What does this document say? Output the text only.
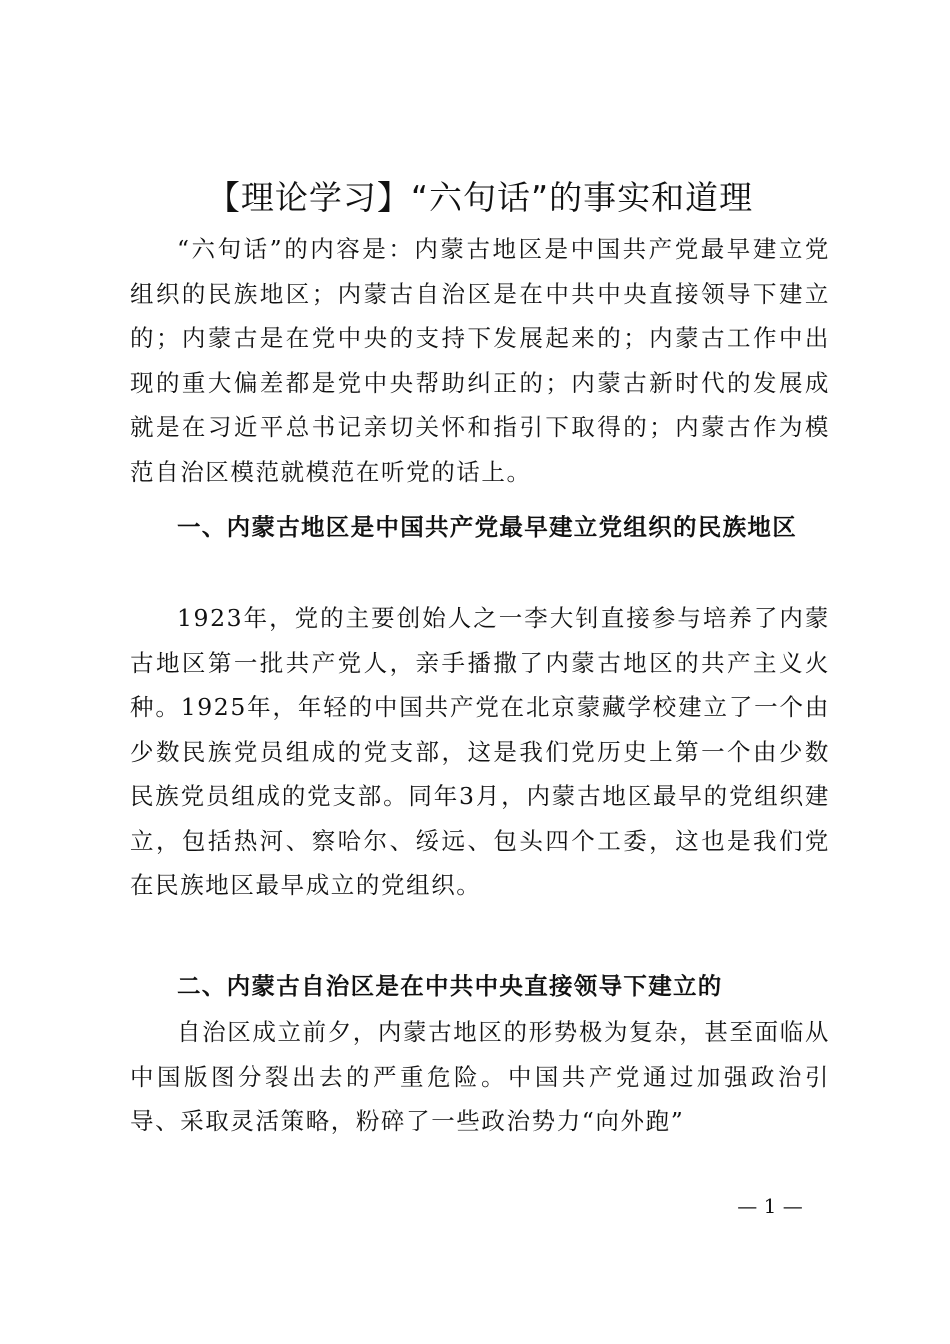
【理论学习】“六句话”的事实和道理

“六句话”的内容是：内蒙古地区是中国共产党最早建立党组织的民族地区；内蒙古自治区是在中共中央直接领导下建立的；内蒙古是在党中央的支持下发展起来的；内蒙古工作中出现的重大偏差都是党中央帮助纠正的；内蒙古新时代的发展成就是在习近平总书记亲切关怀和指引下取得的；内蒙古作为模范自治区模范就模范在听党的话上。

一、内蒙古地区是中国共产党最早建立党组织的民族地区

1923年，党的主要创始人之一李大钊直接参与培养了内蒙古地区第一批共产党人，亲手播撒了内蒙古地区的共产主义火种。1925年，年轻的中国共产党在北京蒙藏学校建立了一个由少数民族党员组成的党支部，这是我们党历史上第一个由少数民族党员组成的党支部。同年3月，内蒙古地区最早的党组织建立，包括热河、察哈尔、绥远、包头四个工委，这也是我们党在民族地区最早成立的党组织。

二、内蒙古自治区是在中共中央直接领导下建立的

自治区成立前夕，内蒙古地区的形势极为复杂，甚至面临从中国版图分裂出去的严重危险。中国共产党通过加强政治引导、采取灵活策略，粉碎了一些政治势力“向外跑”

— 1 —
